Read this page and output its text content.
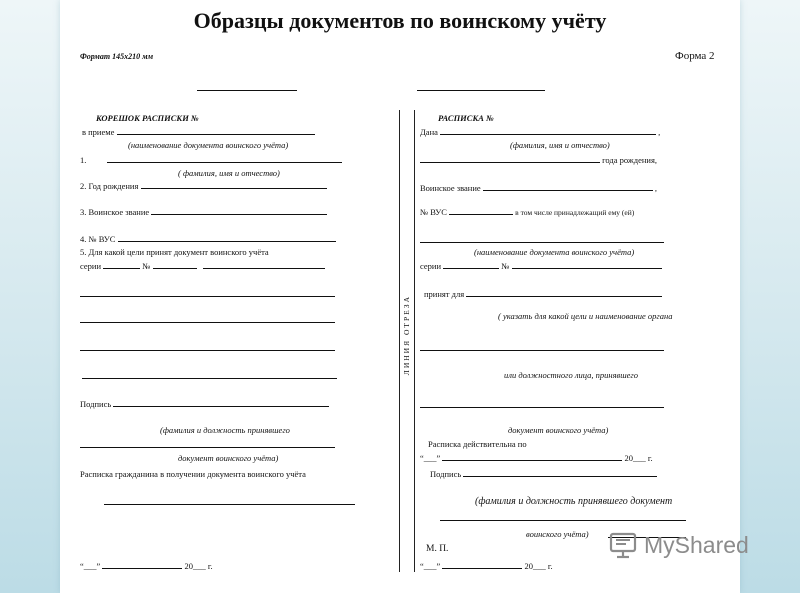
Образцы документов по воинскому учёту
Формат 145х210 мм	Форма 2
КОРЕШОК РАСПИСКИ №
в приеме
(наименование документа воинского учёта)
1.
( фамилия, имя и отчество)
2. Год рождения
3. Воинское звание
4. № ВУС
5. Для какой цели принят документ воинского учёта
серии	№
Подпись
(фамилия и должность принявшего
документ воинского учёта)
Расписка гражданина в получении документа воинского учёта
“___”	20___ г.
ЛИНИЯ ОТРЕЗА
РАСПИСКА №
Дана	,
(фамилия, имя и отчество)
года рождения,
Воинское звание	,
№ ВУС	в том числе принадлежащий ему (ей)
(наименование документа воинского учёта)
серии	№
принят для
( указать для какой цели и наименование органа
или должностного лица, принявшего
документ воинского учёта)
Расписка действительна по
“___”	20___ г.
Подпись
(фамилия и должность принявшего документ
воинского учёта)
М. П.
“___”	20___ г.
MyShared
